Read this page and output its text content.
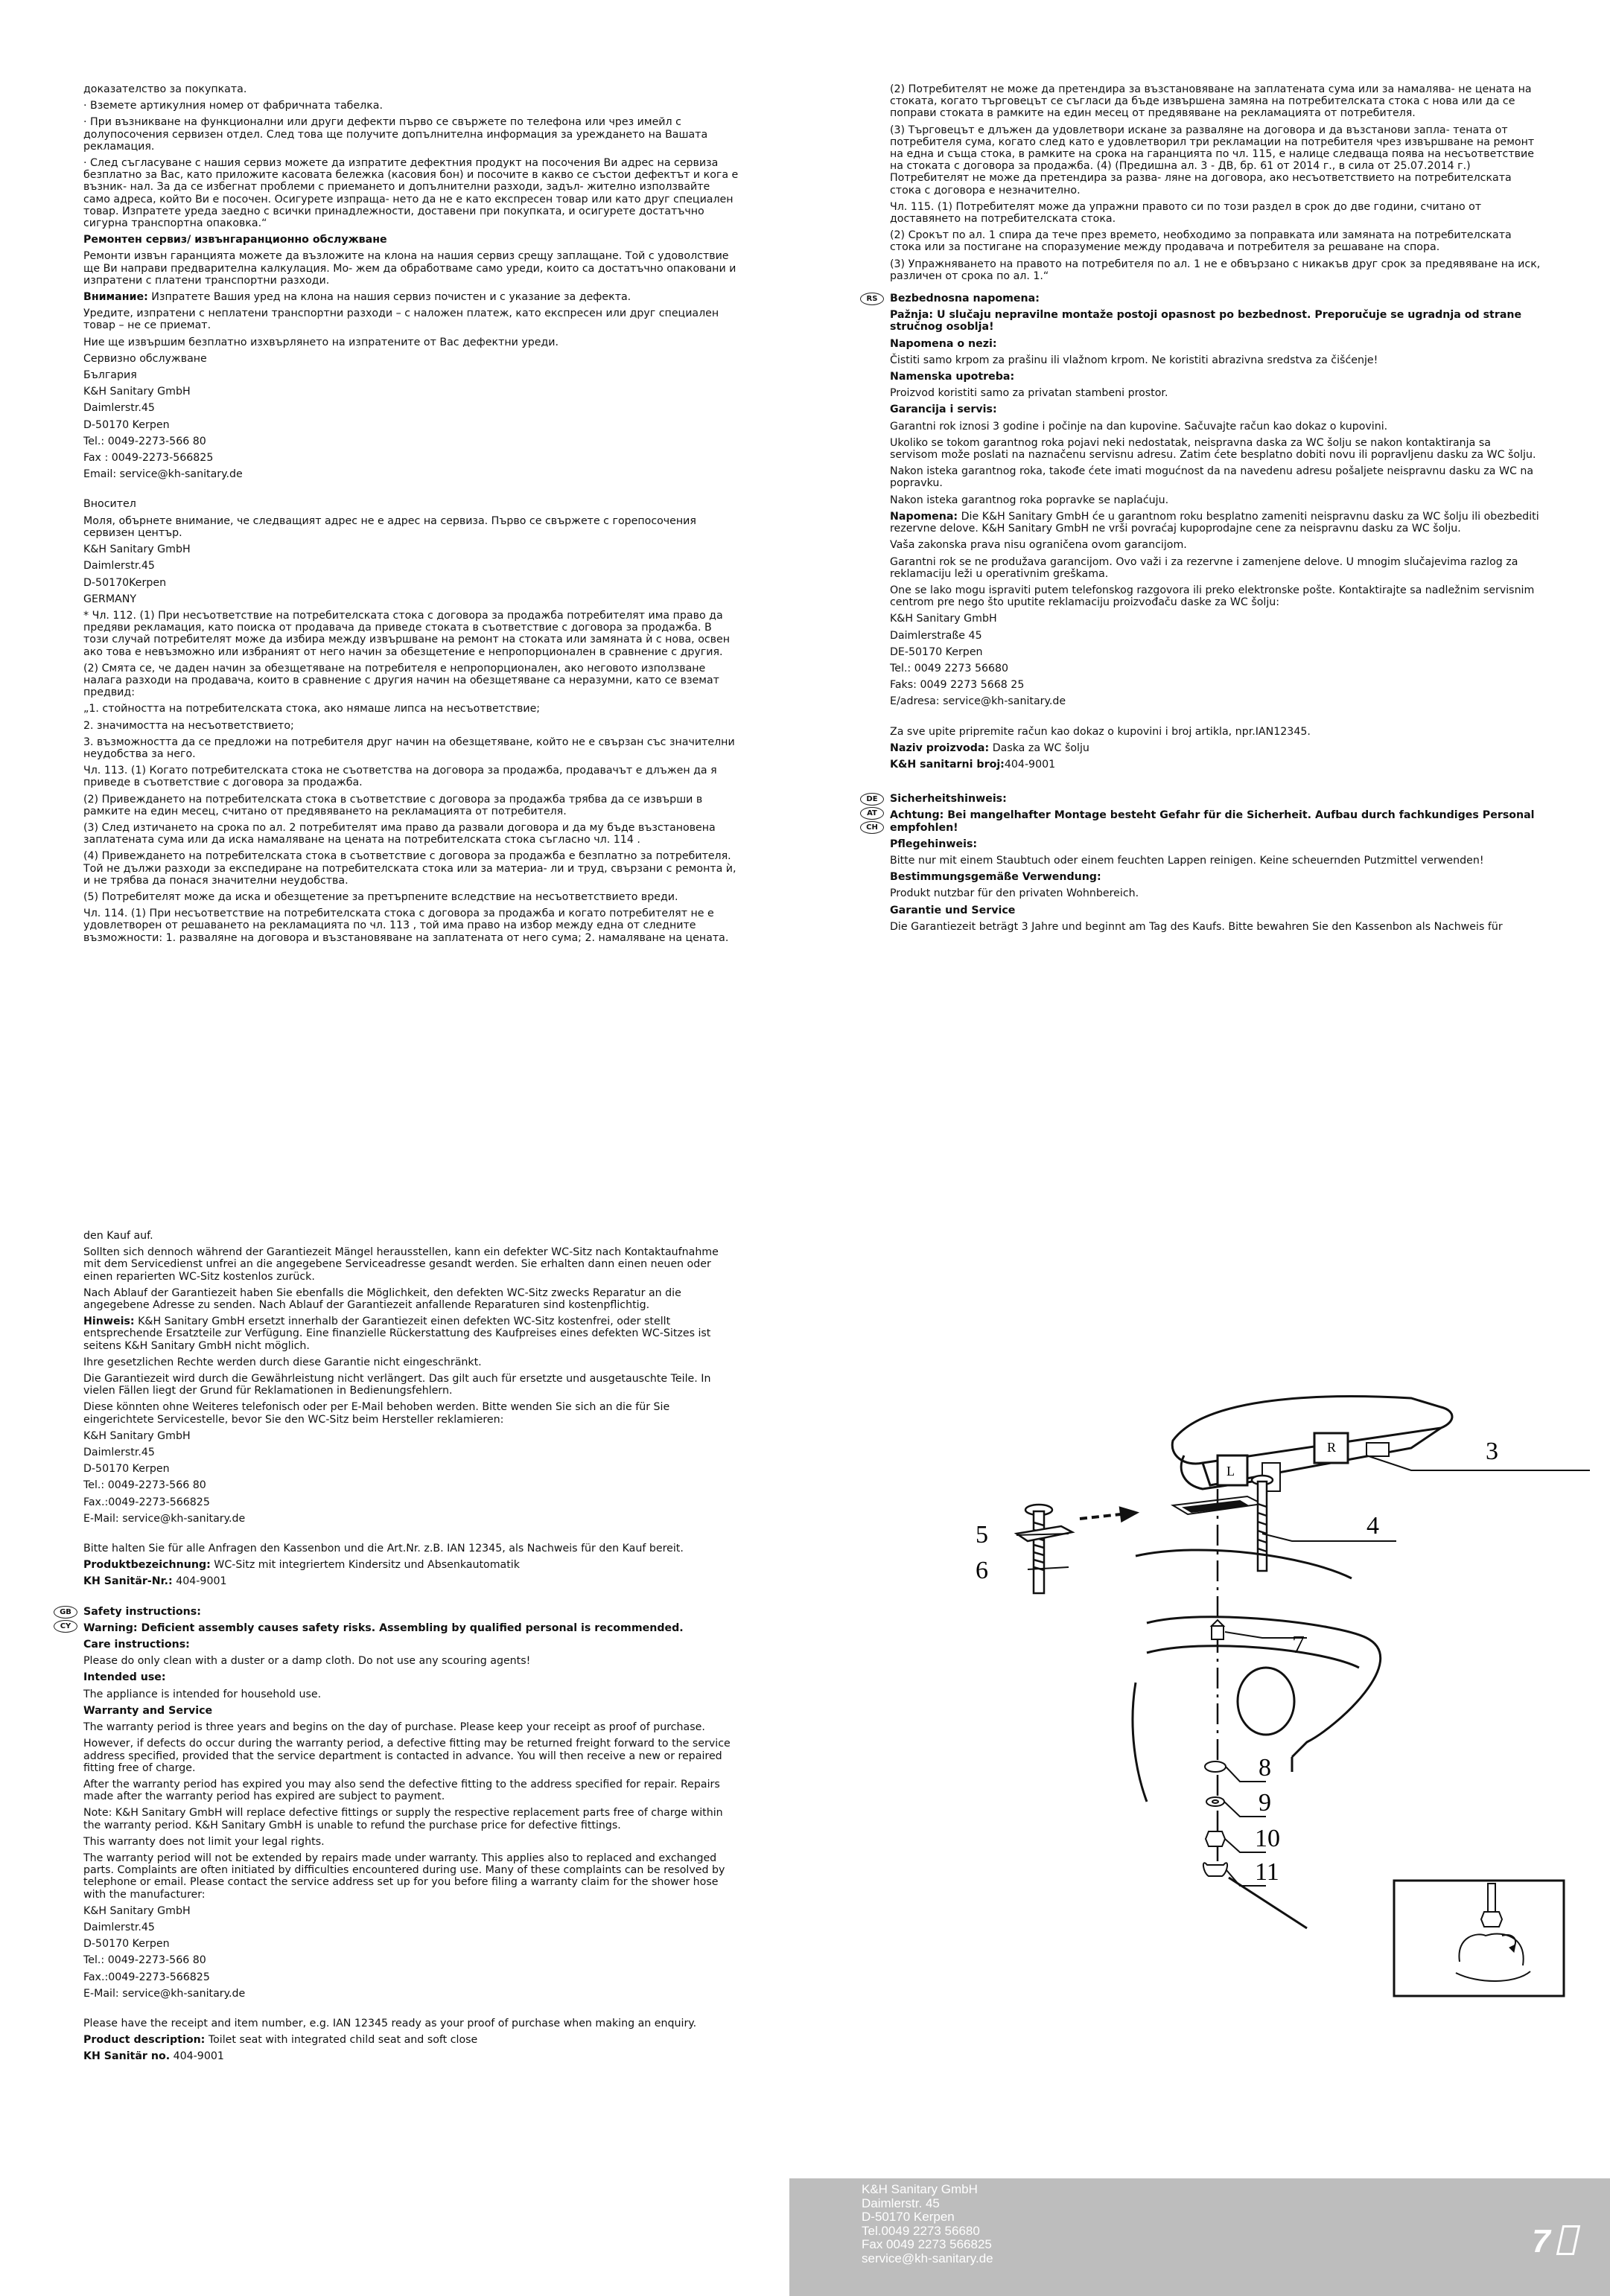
доказателство за покупката.

· Вземете артикулния номер от фабричната табелка.

· При възникване на функционални или други дефекти първо се свържете по телефона или чрез имейл с долупосочения сервизен отдел. След това ще получите допълнителна информация за уреждането на Вашата рекламация.

· След съгласуване с нашия сервиз можете да изпратите дефектния продукт на посочения Ви адрес на сервиза безплатно за Вас, като приложите касовата бележка (касовия бон) и посочите в какво се състои дефектът и кога е възник- нал. За да се избегнат проблеми с приемането и допълнителни разходи, задъл- жително използвайте само адреса, който Ви е посочен. Осигурете изпраща- нето да не е като експресен товар или като друг специален товар. Изпратете уреда заедно с всички принадлежности, доставени при покупката, и осигурете достатъчно сигурна транспортна опаковка.“

Ремонтен сервиз/ извънгаранционно обслужване

Ремонти извън гаранцията можете да възложите на клона на нашия сервиз срещу заплащане. Той с удоволствие ще Ви направи предварителна калкулация. Мо- жем да обработваме само уреди, които са достатъчно опаковани и изпратени с платени транспортни разходи.

Внимание: Изпратете Вашия уред на клона на нашия сервиз почистен и с указание за дефекта.

Уредите, изпратени с неплатени транспортни разходи – с наложен платеж, като експресен или друг специален товар – не се приемат.

Ние ще извършим безплатно изхвърлянето на изпратените от Вас дефектни уреди.

Сервизно обслужване

България

K&H Sanitary GmbH

Daimlerstr.45

D-50170 Kerpen

Tel.: 0049-2273-566 80

Fax : 0049-2273-566825

Email: service@kh-sanitary.de

Вносител

Моля, обърнете внимание, че следващият адрес не е адрес на сервиза. Първо се свържете с горепосочения сервизен център.

K&H Sanitary GmbH

Daimlerstr.45

D-50170Kerpen

GERMANY

* Чл. 112. (1) При несъответствие на потребителската стока с договора за продажба потребителят има право да предяви рекламация, като поиска от продавача да приведе стоката в съответствие с договора за продажба. В този случай потребителят може да избира между извършване на ремонт на стоката или замяната ѝ с нова, освен ако това е невъзможно или избраният от него начин за обезщетение е непропорционален в сравнение с другия.

(2) Смята се, че даден начин за обезщетяване на потребителя е непропорционален, ако неговото използване налага разходи на продавача, които в сравнение с другия начин на обезщетяване са неразумни, като се вземат предвид:

„1. стойността на потребителската стока, ако нямаше липса на несъответствие;

2. значимостта на несъответствието;

3. възможността да се предложи на потребителя друг начин на обезщетяване, който не е свързан със значителни неудобства за него.

Чл. 113. (1) Когато потребителската стока не съответства на договора за продажба, продавачът е длъжен да я приведе в съответствие с договора за продажба.

(2) Привеждането на потребителската стока в съответствие с договора за продажба трябва да се извърши в рамките на един месец, считано от предявяването на рекламацията от потребителя.

(3) След изтичането на срока по ал. 2 потребителят има право да развали договора и да му бъде възстановена заплатената сума или да иска намаляване на цената на потребителската стока съгласно чл. 114 .

(4) Привеждането на потребителската стока в съответствие с договора за продажба е безплатно за потребителя. Той не дължи разходи за експедиране на потребителската стока или за материа- ли и труд, свързани с ремонта ѝ, и не трябва да понася значителни неудобства.

(5) Потребителят може да иска и обезщетение за претърпените вследствие на несъответствието вреди.

Чл. 114. (1) При несъответствие на потребителската стока с договора за продажба и когато потребителят не е удовлетворен от решаването на рекламацията по чл. 113 , той има право на избор между една от следните възможности: 1. разваляне на договора и възстановяване на заплатената от него сума; 2. намаляване на цената.

(2) Потребителят не може да претендира за възстановяване на заплатената сума или за намалява- не цената на стоката, когато търговецът се съгласи да бъде извършена замяна на потребителската стока с нова или да се поправи стоката в рамките на един месец от предявяване на рекламацията от потребителя.

(3) Търговецът е длъжен да удовлетвори искане за разваляне на договора и да възстанови запла- тената от потребителя сума, когато след като е удовлетворил три рекламации на потребителя чрез извършване на ремонт на една и съща стока, в рамките на срока на гаранцията по чл. 115, е налице следваща поява на несъответствие на стоката с договора за продажба. (4) (Предишна ал. 3 - ДВ, бр. 61 от 2014 г., в сила от 25.07.2014 г.) Потребителят не може да претендира за разва- ляне на договора, ако несъответствието на потребителската стока с договора е незначително.

Чл. 115. (1) Потребителят може да упражни правото си по този раздел в срок до две години, считано от доставянето на потребителската стока.

(2) Срокът по ал. 1 спира да тече през времето, необходимо за поправката или замяната на потребителската стока или за постигане на споразумение между продавача и потребителя за решаване на спора.

(3) Упражняването на правото на потребителя по ал. 1 не е обвързано с никакъв друг срок за предявяване на иск, различен от срока по ал. 1.“

RS	Bezbednosna napomena:

Pažnja: U slučaju nepravilne montaže postoji opasnost po bezbednost. Preporučuje se ugradnja od strane stručnog osoblja!

Napomena o nezi:

Čistiti samo krpom za prašinu ili vlažnom krpom. Ne koristiti abrazivna sredstva za čišćenje!

Namenska upotreba:

Proizvod koristiti samo za privatan stambeni prostor.

Garancija i servis:

Garantni rok iznosi 3 godine i počinje na dan kupovine. Sačuvajte račun kao dokaz o kupovini.

Ukoliko se tokom garantnog roka pojavi neki nedostatak, neispravna daska za WC šolju se nakon kontaktiranja sa servisom može poslati na naznačenu servisnu adresu. Zatim ćete besplatno dobiti novu ili popravljenu dasku za WC šolju.

Nakon isteka garantnog roka, takođe ćete imati mogućnost da na navedenu adresu pošaljete neispravnu dasku za WC na popravku.

Nakon isteka garantnog roka popravke se naplaćuju.

Napomena: Die K&H Sanitary GmbH će u garantnom roku besplatno zameniti neispravnu dasku za WC šolju ili obezbediti rezervne delove. K&H Sanitary GmbH ne vrši povraćaj kupoprodajne cene za neispravnu dasku za WC šolju.

Vaša zakonska prava nisu ograničena ovom garancijom.

Garantni rok se ne produžava garancijom. Ovo važi i za rezervne i zamenjene delove. U mnogim slučajevima razlog za reklamaciju leži u operativnim greškama.

One se lako mogu ispraviti putem telefonskog razgovora ili preko elektronske pošte. Kontaktirajte sa nadležnim servisnim centrom pre nego što uputite reklamaciju proizvođaču daske za WC šolju:

K&H Sanitary GmbH

Daimlerstraße 45

DE-50170 Kerpen

Tel.: 0049 2273 56680

Faks: 0049 2273 5668 25

E/adresa: service@kh-sanitary.de

Za sve upite pripremite račun kao dokaz o kupovini i broj artikla, npr.IAN12345.

Naziv proizvoda: Daska za WC šolju

K&H sanitarni broj:404-9001

DE
AT
CH

Sicherheitshinweis:

Achtung: Bei mangelhafter Montage besteht Gefahr für die Sicherheit. Aufbau durch fachkundiges Personal empfohlen!

Pflegehinweis:

Bitte nur mit einem Staubtuch oder einem feuchten Lappen reinigen. Keine scheuernden Putzmittel verwenden!

Bestimmungsgemäße Verwendung:

Produkt nutzbar für den privaten Wohnbereich.

Garantie und Service

Die Garantiezeit beträgt 3 Jahre und beginnt am Tag des Kaufs. Bitte bewahren Sie den Kassenbon als Nachweis für

den Kauf auf.

Sollten sich dennoch während der Garantiezeit Mängel herausstellen, kann ein defekter WC-Sitz nach Kontaktaufnahme mit dem Servicedienst unfrei an die angegebene Serviceadresse gesandt werden. Sie erhalten dann einen neuen oder einen reparierten WC-Sitz kostenlos zurück.

Nach Ablauf der Garantiezeit haben Sie ebenfalls die Möglichkeit, den defekten WC-Sitz zwecks Reparatur an die angegebene Adresse zu senden. Nach Ablauf der Garantiezeit anfallende Reparaturen sind kostenpflichtig.

Hinweis: K&H Sanitary GmbH ersetzt innerhalb der Garantiezeit einen defekten WC-Sitz kostenfrei, oder stellt entsprechende Ersatzteile zur Verfügung. Eine finanzielle Rückerstattung des Kaufpreises eines defekten WC-Sitzes ist seitens K&H Sanitary GmbH nicht möglich.

Ihre gesetzlichen Rechte werden durch diese Garantie nicht eingeschränkt.

Die Garantiezeit wird durch die Gewährleistung nicht verlängert. Das gilt auch für ersetzte und ausgetauschte Teile. In vielen Fällen liegt der Grund für Reklamationen in Bedienungsfehlern.

Diese könnten ohne Weiteres telefonisch oder per E-Mail behoben werden. Bitte wenden Sie sich an die für Sie eingerichtete Servicestelle, bevor Sie den WC-Sitz beim Hersteller reklamieren:

K&H Sanitary GmbH

Daimlerstr.45

D-50170 Kerpen

Tel.: 0049-2273-566 80

Fax.:0049-2273-566825

E-Mail: service@kh-sanitary.de

Bitte halten Sie für alle Anfragen den Kassenbon und die Art.Nr. z.B. IAN 12345, als Nachweis für den Kauf bereit.

Produktbezeichnung: WC-Sitz mit integriertem Kindersitz und Absenkautomatik

KH Sanitär-Nr.: 404-9001

GB
CY

Safety instructions:

Warning: Deficient assembly causes safety risks. Assembling by qualified personal is recommended.

Care instructions:

Please do only clean with a duster or a damp cloth. Do not use any scouring agents!

Intended use:

The appliance is intended for household use.

Warranty and Service

The warranty period is three years and begins on the day of purchase. Please keep your receipt as proof of purchase.

However, if defects do occur during the warranty period, a defective fitting may be returned freight forward to the service address specified, provided that the service department is contacted in advance. You will then receive a new or repaired fitting free of charge.

After the warranty period has expired you may also send the defective fitting to the address specified for repair. Repairs made after the warranty period has expired are subject to payment.

Note: K&H Sanitary GmbH will replace defective fittings or supply the respective replacement parts free of charge within the warranty period. K&H Sanitary GmbH is unable to refund the purchase price for defective fittings.

This warranty does not limit your legal rights.

The warranty period will not be extended by repairs made under warranty. This applies also to replaced and exchanged parts. Complaints are often initiated by difficulties encountered during use. Many of these complaints can be resolved by telephone or email. Please contact the service address set up for you before filing a warranty claim for the shower hose with the manufacturer:

K&H Sanitary GmbH

Daimlerstr.45

D-50170 Kerpen

Tel.: 0049-2273-566 80

Fax.:0049-2273-566825

E-Mail: service@kh-sanitary.de

Please have the receipt and item number, e.g. IAN 12345 ready as your proof of purchase when making an enquiry.

Product description: Toilet seat with integrated child seat and soft close

KH Sanitär no. 404-9001

L
R	3
4
5
6
7
8
9
10
11
K&H Sanitary GmbH
Daimlerstr. 45
D-50170 Kerpen
Tel.0049 2273 56680
Fax 0049 2273 566825
service@kh-sanitary.de	7
